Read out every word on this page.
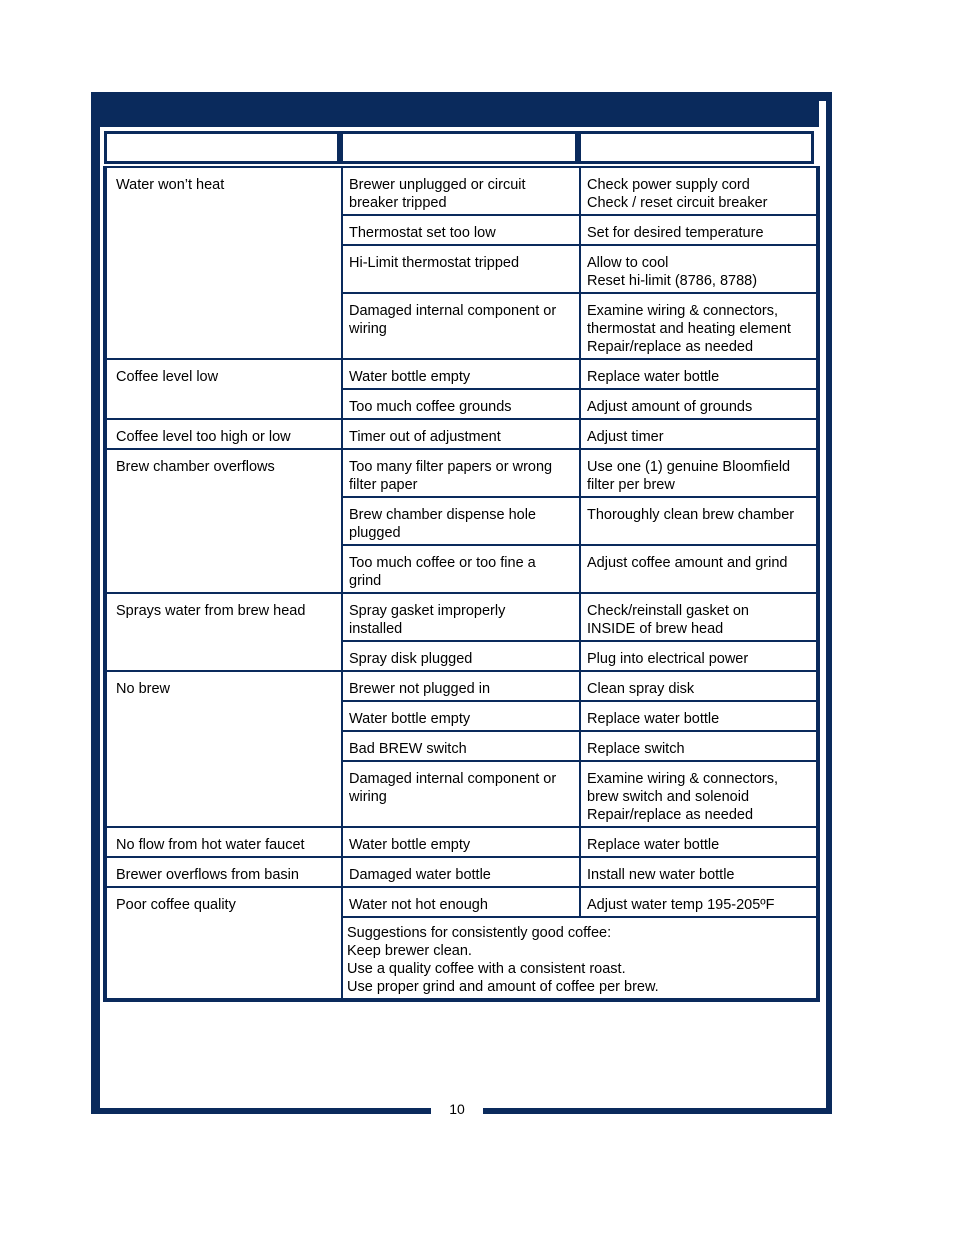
Water won’t heat	Brewer unplugged or circuit
breaker tripped	Check power supply cord
Check / reset circuit breaker

	Thermostat set too low	Set for desired temperature

	Hi-Limit thermostat tripped	Allow to cool
Reset hi-limit (8786, 8788)

	Damaged internal component or
wiring	Examine wiring & connectors,
thermostat and heating element
Repair/replace as needed

Coffee level low	Water bottle empty	Replace water bottle

	Too much coffee grounds	Adjust amount of grounds

Coffee level too high or low	Timer out of adjustment	Adjust timer

Brew chamber overflows	Too many filter papers or wrong
filter paper	Use one (1) genuine Bloomfield
filter per brew

	Brew chamber dispense hole
plugged	Thoroughly clean brew chamber

	Too much coffee or too fine a
grind	Adjust coffee amount and grind

Sprays water from brew head	Spray gasket improperly
installed	Check/reinstall gasket on
INSIDE of brew head

	Spray disk plugged	Plug into electrical power

No brew	Brewer not plugged in	Clean spray disk

	Water bottle empty	Replace water bottle

	Bad BREW switch	Replace switch

	Damaged internal component or
wiring	Examine wiring & connectors,
brew switch and solenoid
Repair/replace as needed

No flow from hot water faucet	Water bottle empty	Replace water bottle

Brewer overflows from basin	Damaged water bottle	Install new water bottle

Poor coffee quality	Water not hot enough	Adjust water temp 195-205ºF

	Suggestions for consistently good coffee:
Keep brewer clean.
Use a quality coffee with a consistent roast.
Use proper grind and amount of coffee per brew.	
10
